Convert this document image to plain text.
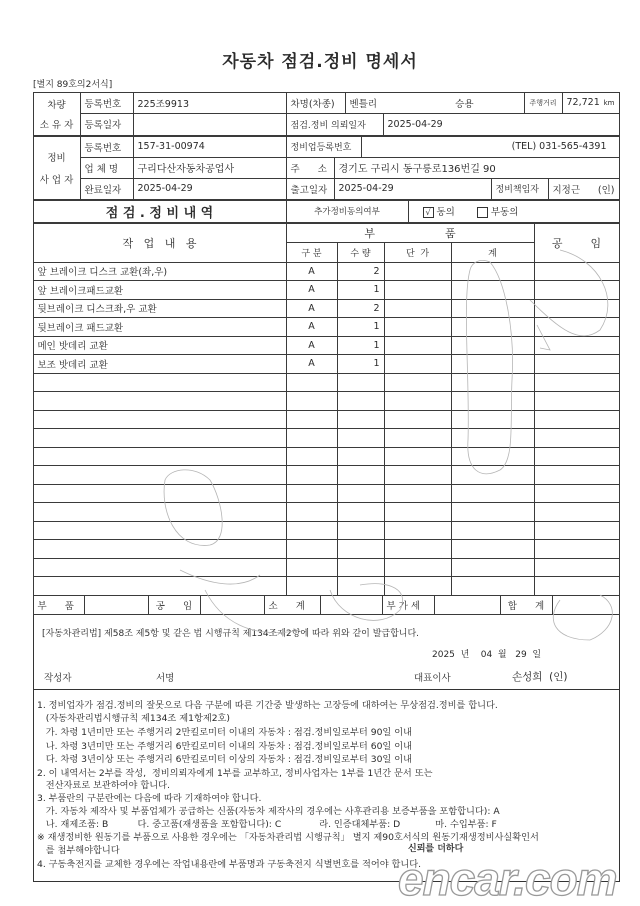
자동차 점검.정비 명세서
[별지 89호의2서식]
차량
소 유 자
등록번호	225조9913	차명(차종)	벤틀리	승용	주행거리	72,721 km
등록일자	점검.정비 의뢰일자	2025-04-29
정비
사 업 자
등록번호	157-31-00974	정비업등록번호	(TEL) 031-565-4391
업 체 명	구리다산자동차공업사	주      소	경기도 구리시 동구릉로136번길 90
완료일자	2025-04-29	출고일자	2025-04-29	정비책임자	지정근 (인)
점 검 . 정 비 내 역	추가정비동의여부	√ 동의	부동의
작   업   내   용
부                    품
구 분	수 량	단  가	계
공        임
앞 브레이크 디스크 교환(좌,우)	A	2
앞 브레이크패드교환	A	1
뒷브레이크 디스크좌,우 교환	A	2
뒷브레이크 패드교환	A	1
메인 밧데리 교환	A	1
보조 밧데리 교환	A	1
부      품	공      임	소      계	부 가 세	합      계
[자동차관리법] 제58조 제5항 및 같은 법 시행규칙 제134조제2항에 따라 위와 같이 발급합니다.
2025  년    04  월   29  일
작성자	서명	대표이사	손성희  (인)
1. 정비업자가 점검.정비의 잘못으로 다음 구분에 따른 기간중 발생하는 고장등에 대하여는 무상점검.정비를 합니다.
(자동차관리법시행규칙 제134조 제1항제2호)
가. 차령 1년미만 또는 주행거리 2만킬로미터 이내의 자동차 : 점검.정비일로부터 90일 이내
나. 차령 3년미만 또는 주행거리 6만킬로미터 이내의 자동차 : 점검.정비일로부터 60일 이내
다. 차령 3년이상 또는 주행거리 6만킬로미터 이상의 자동차 : 점검.정비일로부터 30일 이내
2. 이 내역서는 2부를 작성,  정비의뢰자에게 1부를 교부하고, 정비사업자는 1부를 1년간 문서 또는
전산자료로 보관하여야 합니다.
3. 부품란의 구분란에는 다음에 따라 기재하여야 합니다.
가. 자동차 제작사 및 부품업체가 공급하는 신품(자동차 제작사의 경우에는 사후관리용 보증부품을 포함합니다): A
나. 재제조품: B          다. 중고품(재생품을 포함합니다): C             라. 인증대체부품: D            마. 수입부품: F
※ 재생정비한 원동기를 부품으로 사용한 경우에는 「자동차관리법 시행규칙」 별지 제90호서식의 원동기재생정비사실확인서
를 첨부해야합니다
4. 구동축전지를 교체한 경우에는 작업내용란에 부품명과 구동축전지 식별번호를 적어야 합니다.
신뢰를 더하다
encar.com
